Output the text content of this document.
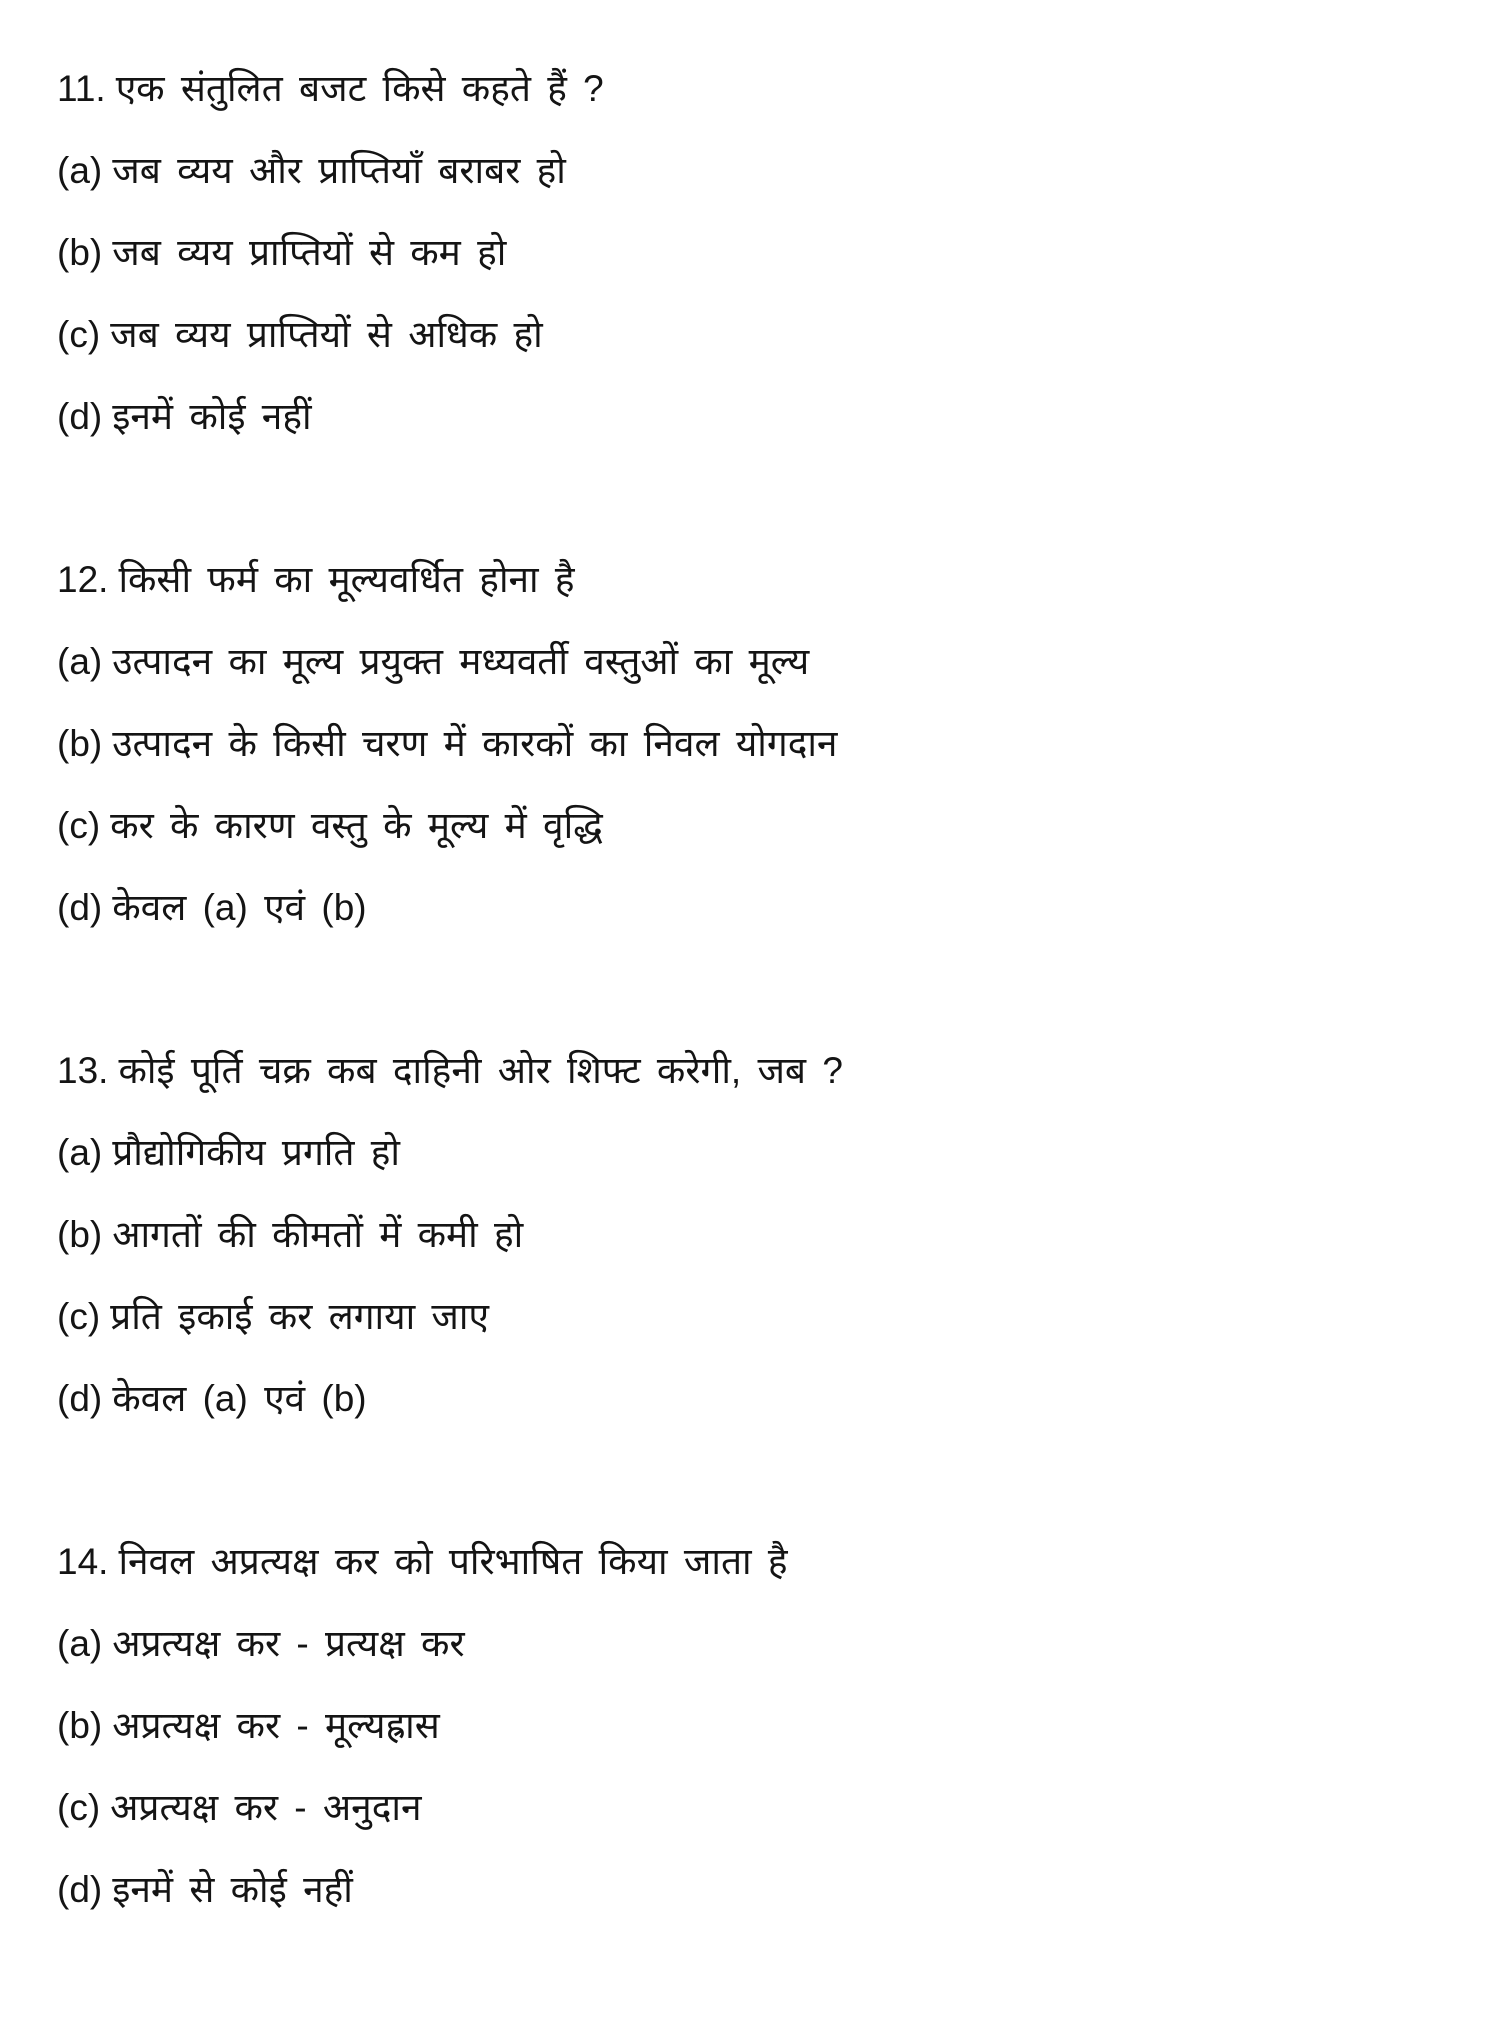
11. एक संतुलित बजट किसे कहते हैं ?
(a) जब व्यय और प्राप्तियाँ बराबर हो
(b) जब व्यय प्राप्तियों से कम हो
(c) जब व्यय प्राप्तियों से अधिक हो
(d) इनमें कोई नहीं
12. किसी फर्म का मूल्यवर्धित होना है
(a) उत्पादन का मूल्य प्रयुक्त मध्यवर्ती वस्तुओं का मूल्य
(b) उत्पादन के किसी चरण में कारकों का निवल योगदान
(c) कर के कारण वस्तु के मूल्य में वृद्धि
(d) केवल (a) एवं (b)
13. कोई पूर्ति चक्र कब दाहिनी ओर शिफ्ट करेगी, जब ?
(a) प्रौद्योगिकीय प्रगति हो
(b) आगतों की कीमतों में कमी हो
(c) प्रति इकाई कर लगाया जाए
(d) केवल (a) एवं (b)
14. निवल अप्रत्यक्ष कर को परिभाषित किया जाता है
(a) अप्रत्यक्ष कर - प्रत्यक्ष कर
(b) अप्रत्यक्ष कर - मूल्यह्रास
(c) अप्रत्यक्ष कर - अनुदान
(d) इनमें से कोई नहीं
